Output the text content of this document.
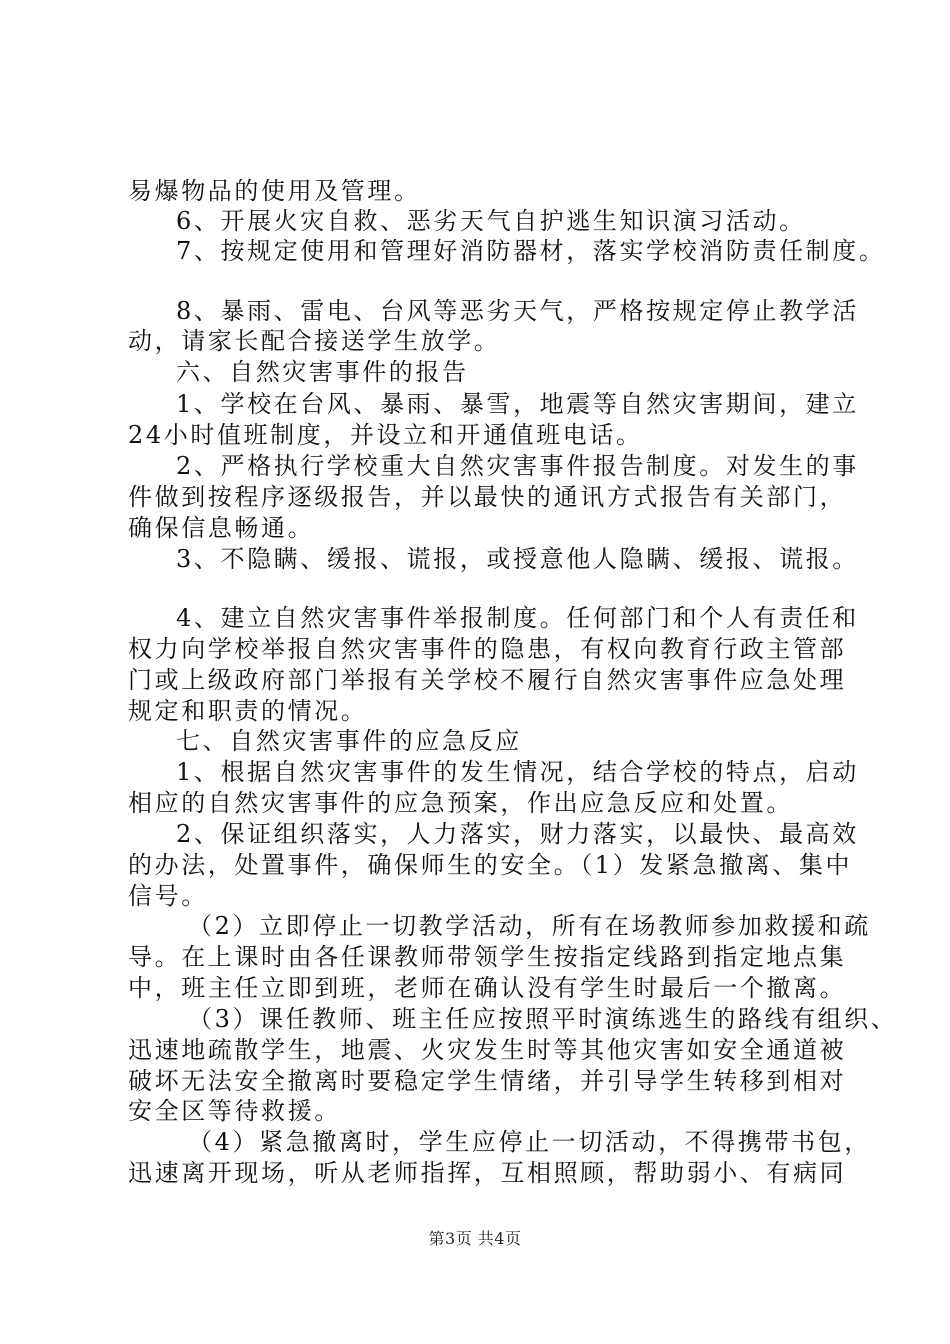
易爆物品的使用及管理。
6、开展火灾自救、恶劣天气自护逃生知识演习活动。
7、按规定使用和管理好消防器材，落实学校消防责任制度。
8、暴雨、雷电、台风等恶劣天气，严格按规定停止教学活
动，请家长配合接送学生放学。
六、自然灾害事件的报告
1、学校在台风、暴雨、暴雪，地震等自然灾害期间，建立
24小时值班制度，并设立和开通值班电话。
2、严格执行学校重大自然灾害事件报告制度。对发生的事
件做到按程序逐级报告，并以最快的通讯方式报告有关部门，
确保信息畅通。
3、不隐瞒、缓报、谎报，或授意他人隐瞒、缓报、谎报。
4、建立自然灾害事件举报制度。任何部门和个人有责任和
权力向学校举报自然灾害事件的隐患，有权向教育行政主管部
门或上级政府部门举报有关学校不履行自然灾害事件应急处理
规定和职责的情况。
七、自然灾害事件的应急反应
1、根据自然灾害事件的发生情况，结合学校的特点，启动
相应的自然灾害事件的应急预案，作出应急反应和处置。
2、保证组织落实，人力落实，财力落实，以最快、最高效
的办法，处置事件，确保师生的安全。（1）发紧急撤离、集中
信号。
（2）立即停止一切教学活动，所有在场教师参加救援和疏
导。在上课时由各任课教师带领学生按指定线路到指定地点集
中，班主任立即到班，老师在确认没有学生时最后一个撤离。
（3）课任教师、班主任应按照平时演练逃生的路线有组织、
迅速地疏散学生，地震、火灾发生时等其他灾害如安全通道被
破坏无法安全撤离时要稳定学生情绪，并引导学生转移到相对
安全区等待救援。
（4）紧急撤离时，学生应停止一切活动，不得携带书包，
迅速离开现场，听从老师指挥，互相照顾，帮助弱小、有病同
第3页 共4页
